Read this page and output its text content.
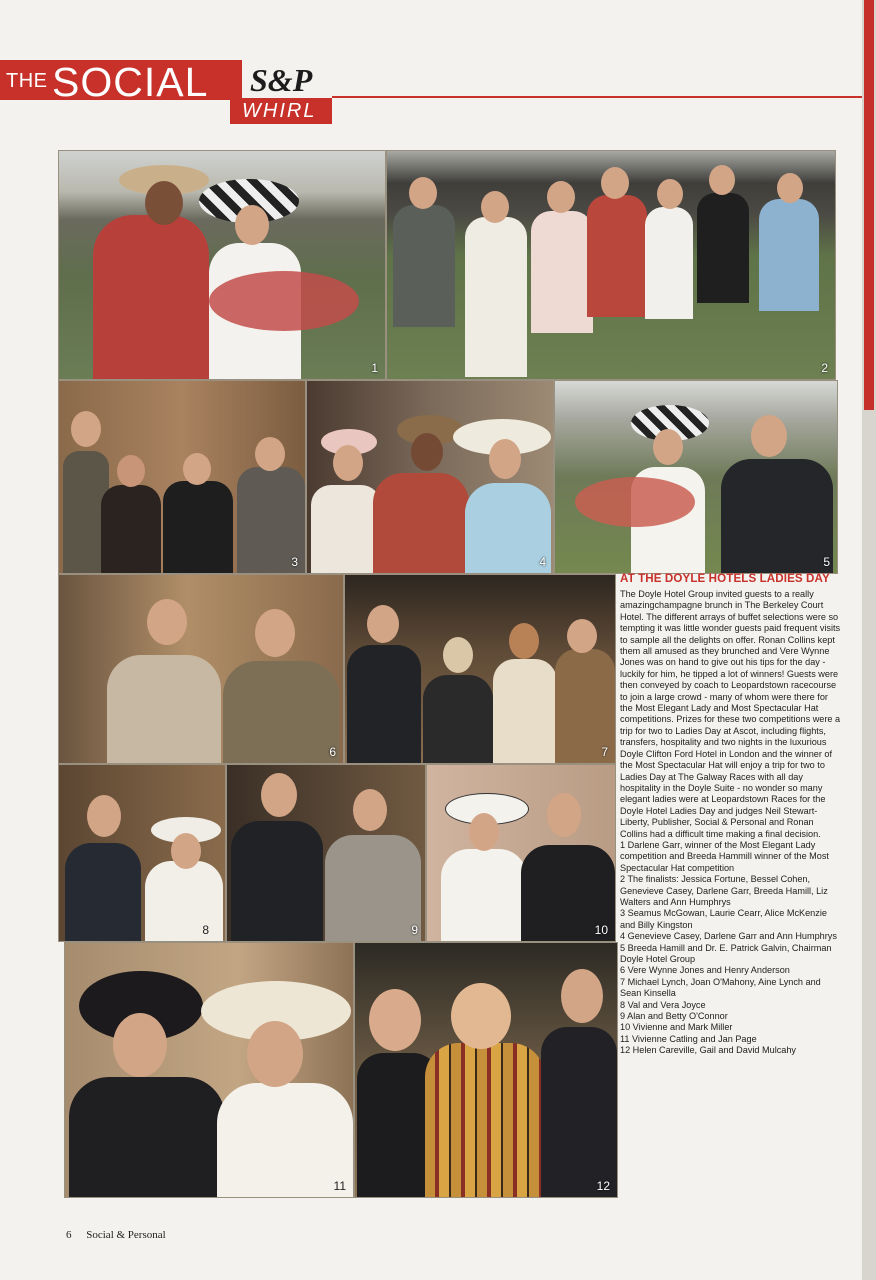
THE SOCIAL S&P
WHIRL
1	2
3	4	5
6	7
8	9	10
11	12
AT THE DOYLE HOTELS LADIES DAY

The Doyle Hotel Group invited guests to a really amazingchampagne brunch in The Berkeley Court Hotel. The different arrays of buffet selections were so tempting it was little wonder guests paid frequent visits to sample all the delights on offer. Ronan Collins kept them all amused as they brunched and Vere Wynne Jones was on hand to give out his tips for the day - luckily for him, he tipped a lot of winners! Guests were then conveyed by coach to Leopardstown racecourse to join a large crowd - many of whom were there for the Most Elegant Lady and Most Spectacular Hat competitions. Prizes for these two competitions were a trip for two to Ladies Day at Ascot, including flights, transfers, hospitality and two nights in the luxurious Doyle Clifton Ford Hotel in London and the winner of the Most Spectacular Hat will enjoy a trip for two to Ladies Day at The Galway Races with all day hospitality in the Doyle Suite - no wonder so many elegant ladies were at Leopardstown Races for the Doyle Hotel Ladies Day and judges Neil Stewart-Liberty, Publisher, Social & Personal and Ronan Collins had a difficult time making a final decision.

1 Darlene Garr, winner of the Most Elegant Lady competition and Breeda Hammill winner of the Most Spectacular Hat competition
2 The finalists: Jessica Fortune, Bessel Cohen, Genevieve Casey, Darlene Garr, Breeda Hamill, Liz Walters and Ann Humphrys
3 Seamus McGowan, Laurie Cearr, Alice McKenzie and Billy Kingston
4 Genevieve Casey, Darlene Garr and Ann Humphrys
5 Breeda Hamill and Dr. E. Patrick Galvin, Chairman Doyle Hotel Group
6 Vere Wynne Jones and Henry Anderson
7 Michael Lynch, Joan O'Mahony, Aine Lynch and Sean Kinsella
8 Val and Vera Joyce
9 Alan and Betty O'Connor
10 Vivienne and Mark Miller
11 Vivienne Catling and Jan Page
12 Helen Careville, Gail and David Mulcahy
6 Social & Personal
